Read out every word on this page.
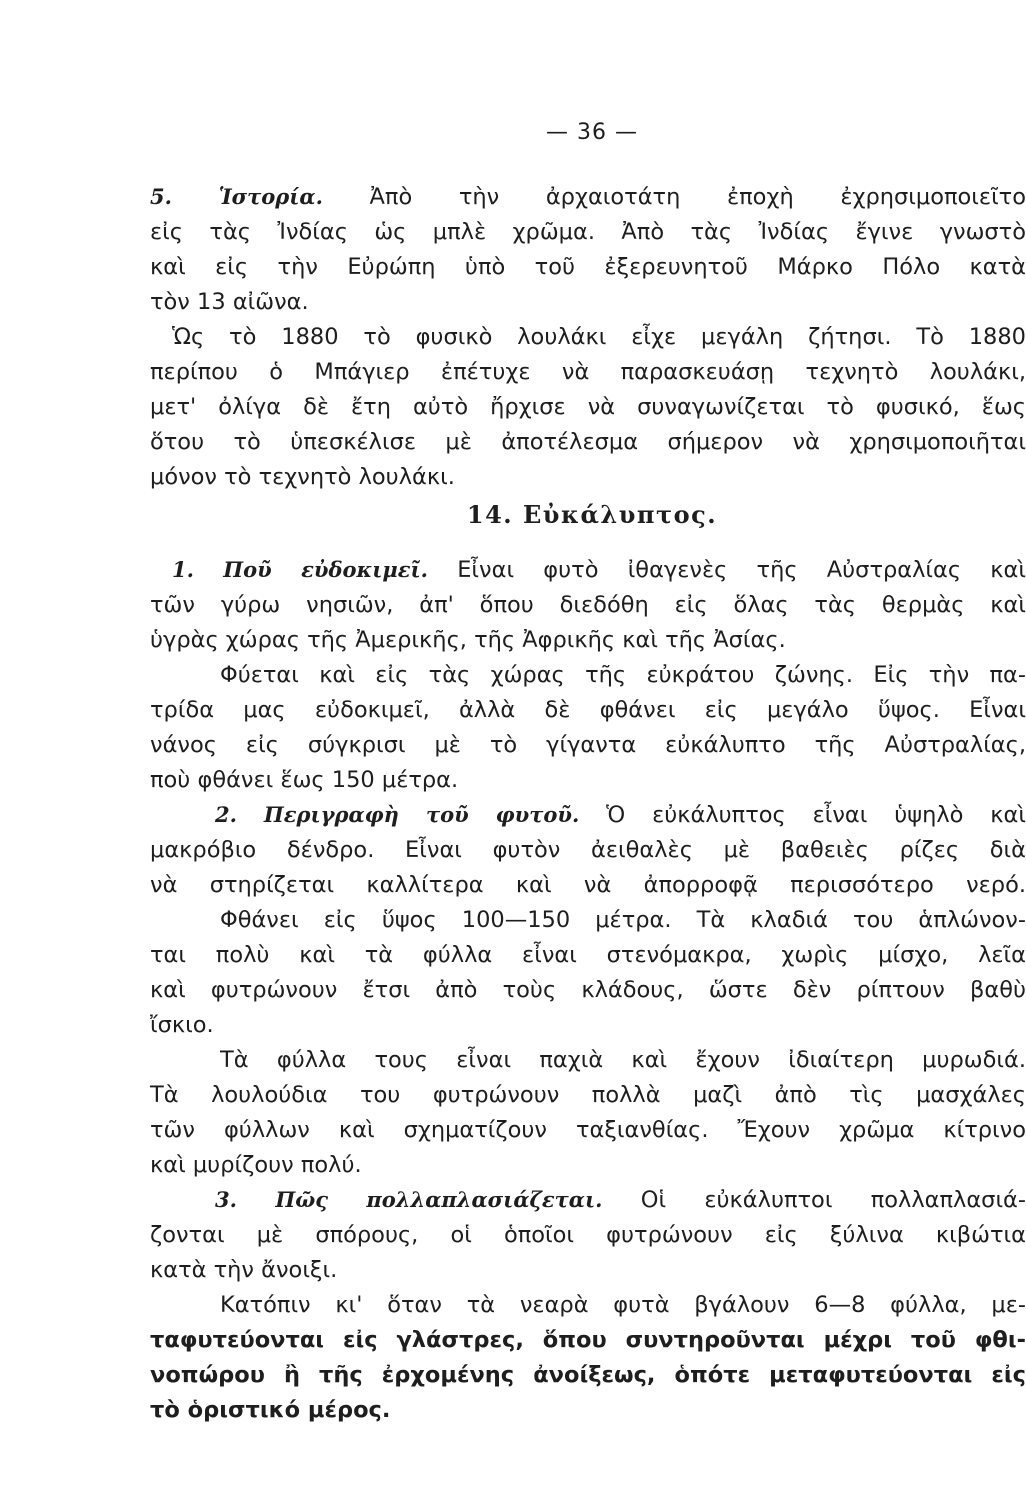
— 36 —
5. Ἱστορία. Ἀπὸ τὴν ἀρχαιοτάτη ἐποχὴ ἐχρησιμοποιεῖτο
εἰς τὰς Ἰνδίας ὡς μπλὲ χρῶμα. Ἀπὸ τὰς Ἰνδίας ἔγινε γνωστὸ
καὶ εἰς τὴν Εὐρώπη ὑπὸ τοῦ ἐξερευνητοῦ Μάρκο Πόλο κατὰ
τὸν 13 αἰῶνα.
Ὡς τὸ 1880 τὸ φυσικὸ λουλάκι εἶχε μεγάλη ζήτησι. Τὸ 1880
περίπου ὁ Μπάγιερ ἐπέτυχε νὰ παρασκευάσῃ τεχνητὸ λουλάκι,
μετ' ὀλίγα δὲ ἔτη αὐτὸ ἤρχισε νὰ συναγωνίζεται τὸ φυσικό, ἕως
ὅτου τὸ ὑπεσκέλισε μὲ ἀποτέλεσμα σήμερον νὰ χρησιμοποιῆται
μόνον τὸ τεχνητὸ λουλάκι.
14. Εὐκάλυπτος.
1. Ποῦ εὐδοκιμεῖ. Εἶναι φυτὸ ἰθαγενὲς τῆς Αὐστραλίας καὶ
τῶν γύρω νησιῶν, ἀπ' ὅπου διεδόθη εἰς ὅλας τὰς θερμὰς καὶ
ὑγρὰς χώρας τῆς Ἀμερικῆς, τῆς Ἀφρικῆς καὶ τῆς Ἀσίας.
Φύεται καὶ εἰς τὰς χώρας τῆς εὐκράτου ζώνης. Εἰς τὴν πα-
τρίδα μας εὐδοκιμεῖ, ἀλλὰ δὲ φθάνει εἰς μεγάλο ὕψος. Εἶναι
νάνος εἰς σύγκρισι μὲ τὸ γίγαντα εὐκάλυπτο τῆς Αὐστραλίας,
ποὺ φθάνει ἕως 150 μέτρα.
2. Περιγραφὴ τοῦ φυτοῦ. Ὁ εὐκάλυπτος εἶναι ὑψηλὸ καὶ
μακρόβιο δένδρο. Εἶναι φυτὸν ἀειθαλὲς μὲ βαθειὲς ρίζες διὰ
νὰ στηρίζεται καλλίτερα καὶ νὰ ἀπορροφᾷ περισσότερο νερό.
Φθάνει εἰς ὕψος 100—150 μέτρα. Τὰ κλαδιά του ἁπλώνον-
ται πολὺ καὶ τὰ φύλλα εἶναι στενόμακρα, χωρὶς μίσχο, λεῖα
καὶ φυτρώνουν ἔτσι ἀπὸ τοὺς κλάδους, ὥστε δὲν ρίπτουν βαθὺ
ἴσκιο.
Τὰ φύλλα τους εἶναι παχιὰ καὶ ἔχουν ἰδιαίτερη μυρωδιά.
Τὰ λουλούδια του φυτρώνουν πολλὰ μαζὶ ἀπὸ τὶς μασχάλες
τῶν φύλλων καὶ σχηματίζουν ταξιανθίας. Ἔχουν χρῶμα κίτρινο
καὶ μυρίζουν πολύ.
3. Πῶς πολλαπλασιάζεται. Οἱ εὐκάλυπτοι πολλαπλασιά-
ζονται μὲ σπόρους, οἱ ὁποῖοι φυτρώνουν εἰς ξύλινα κιβώτια
κατὰ τὴν ἄνοιξι.
Κατόπιν κι' ὅταν τὰ νεαρὰ φυτὰ βγάλουν 6—8 φύλλα, με-
ταφυτεύονται εἰς γλάστρες, ὅπου συντηροῦνται μέχρι τοῦ φθι-
νοπώρου ἢ τῆς ἐρχομένης ἀνοίξεως, ὁπότε μεταφυτεύονται εἰς
τὸ ὁριστικό μέρος.
